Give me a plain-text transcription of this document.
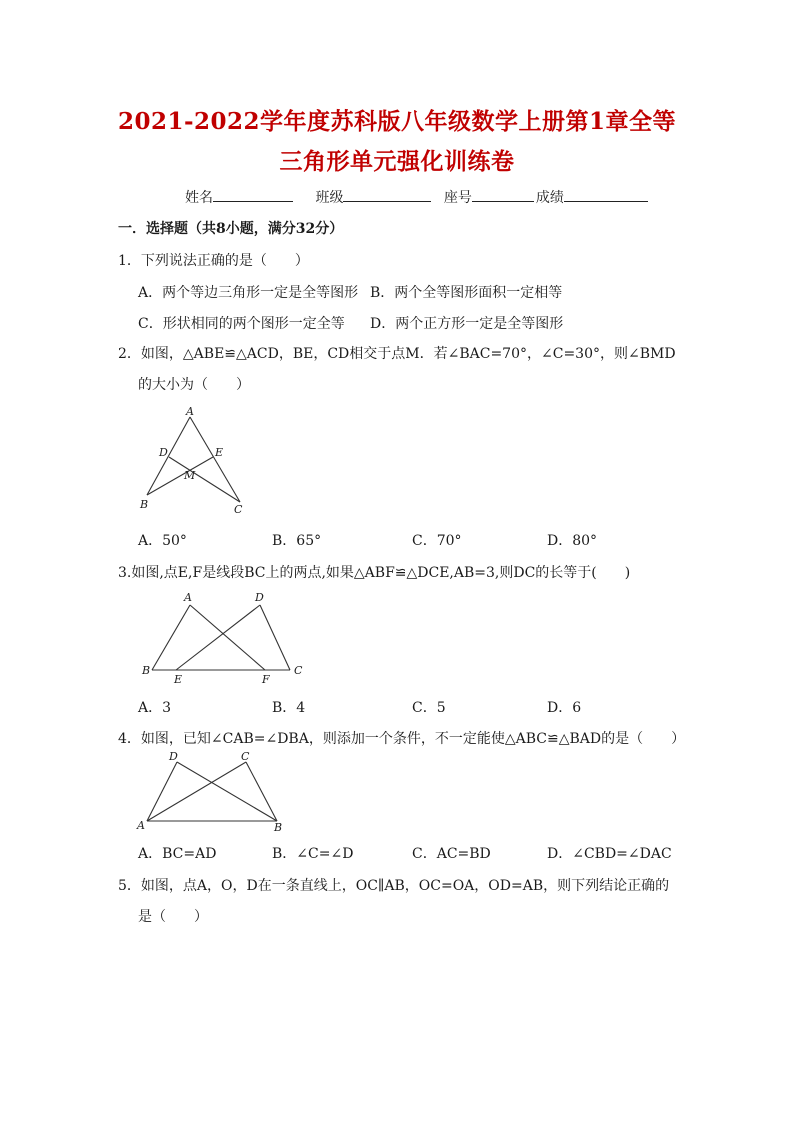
2021-2022学年度苏科版八年级数学上册第1章全等
三角形单元强化训练卷
姓名	班级	座号	成绩
一．选择题（共8小题，满分32分）
1．下列说法正确的是（　　）
A．两个等边三角形一定是全等图形 B．两个全等图形面积一定相等
C．形状相同的两个图形一定全等 D．两个正方形一定是全等图形
2．如图，△ABE≌△ACD，BE，CD相交于点M．若∠BAC=70°，∠C=30°，则∠BMD
的大小为（　　）
A
D	E
M
B	C
A．50°	B．65°	C．70°	D．80°
3.如图,点E,F是线段BC上的两点,如果△ABF≌△DCE,AB=3,则DC的长等于(　　)
A	D
B	C
E	F
A．3	B．4	C．5	D．6
4．如图，已知∠CAB=∠DBA，则添加一个条件，不一定能使△ABC≌△BAD的是（　　）
D	C
A	B
A．BC=AD	B．∠C=∠D	C．AC=BD	D．∠CBD=∠DAC
5．如图，点A，O，D在一条直线上，OC∥AB，OC=OA，OD=AB，则下列结论正确的
是（　　）
